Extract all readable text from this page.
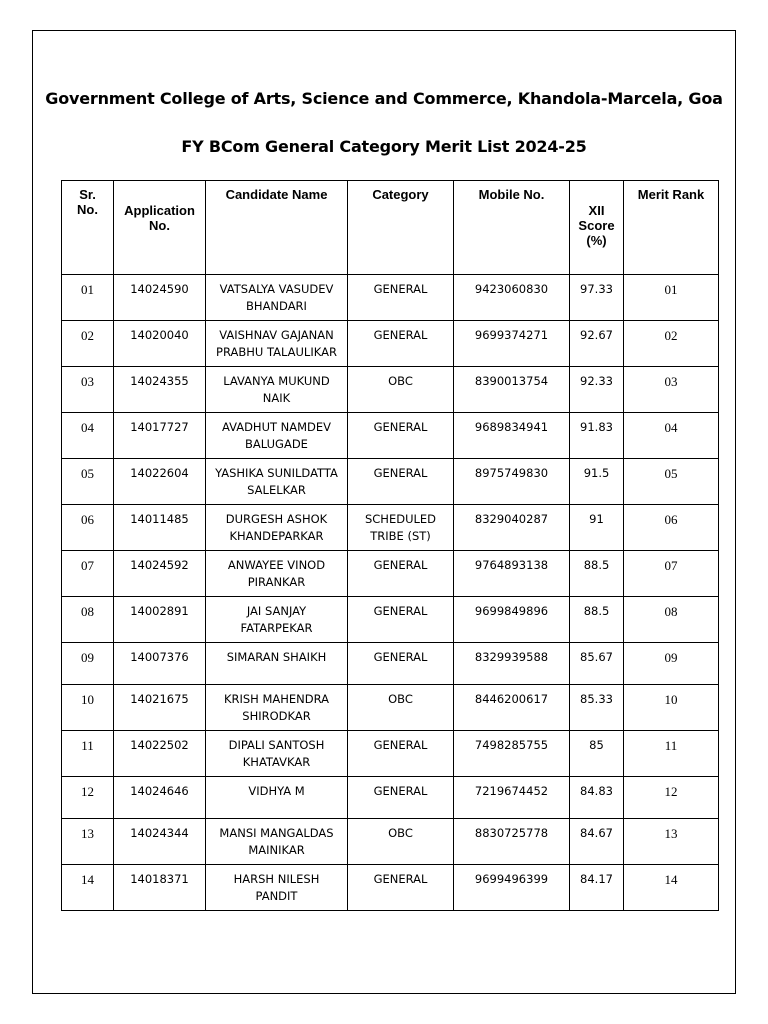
Government College of Arts, Science and Commerce, Khandola-Marcela, Goa
FY BCom General Category Merit List 2024-25
Sr.
No.	Application
No.	Candidate Name	Category	Mobile No.	XII
Score
(%)	Merit Rank

01	14024590	VATSALYA VASUDEV
BHANDARI	GENERAL	9423060830	97.33	01

02	14020040	VAISHNAV GAJANAN
PRABHU TALAULIKAR	GENERAL	9699374271	92.67	02

03	14024355	LAVANYA MUKUND
NAIK	OBC	8390013754	92.33	03

04	14017727	AVADHUT NAMDEV
BALUGADE	GENERAL	9689834941	91.83	04

05	14022604	YASHIKA SUNILDATTA
SALELKAR	GENERAL	8975749830	91.5	05

06	14011485	DURGESH ASHOK
KHANDEPARKAR	SCHEDULED
TRIBE (ST)	8329040287	91	06

07	14024592	ANWAYEE VINOD
PIRANKAR	GENERAL	9764893138	88.5	07

08	14002891	JAI SANJAY
FATARPEKAR	GENERAL	9699849896	88.5	08

09	14007376	SIMARAN SHAIKH	GENERAL	8329939588	85.67	09

10	14021675	KRISH MAHENDRA
SHIRODKAR	OBC	8446200617	85.33	10

11	14022502	DIPALI SANTOSH
KHATAVKAR	GENERAL	7498285755	85	11

12	14024646	VIDHYA M	GENERAL	7219674452	84.83	12

13	14024344	MANSI MANGALDAS
MAINIKAR	OBC	8830725778	84.67	13

14	14018371	HARSH NILESH
PANDIT	GENERAL	9699496399	84.17	14
